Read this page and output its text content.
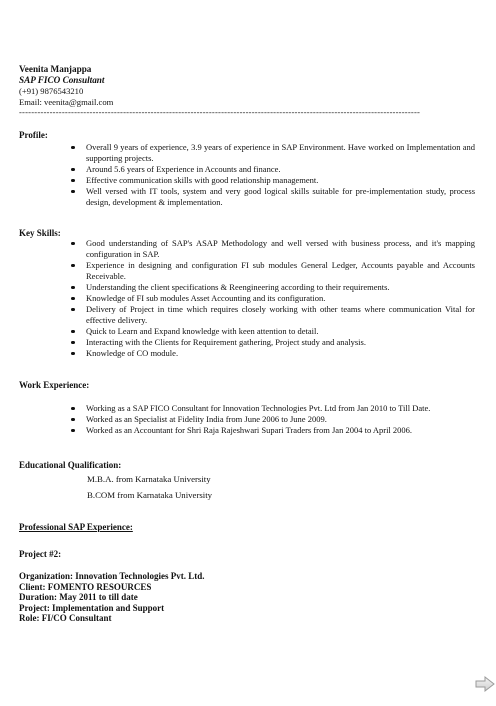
Veenita Manjappa
SAP FICO Consultant
(+91) 9876543210
Email: veenita@gmail.com
-----------------------------------------------------------------------------------------------------------------------------------
Profile:
Overall 9 years of experience, 3.9 years of experience in SAP Environment. Have worked on Implementation and supporting projects.
Around 5.6 years of Experience in Accounts and finance.
Effective communication skills with good relationship management.
Well versed with IT tools, system and very good logical skills suitable for pre-implementation study, process design, development & implementation.
Key Skills:
Good understanding of SAP's ASAP Methodology and well versed with business process, and it's mapping configuration in SAP.
Experience in designing and configuration FI sub modules General Ledger, Accounts payable and Accounts Receivable.
Understanding the client specifications & Reengineering according to their requirements.
Knowledge of FI sub modules Asset Accounting and its configuration.
Delivery of Project in time which requires closely working with other teams where communication Vital for effective delivery.
Quick to Learn and Expand knowledge with keen attention to detail.
Interacting with the Clients for Requirement gathering, Project study and analysis.
Knowledge of CO module.
Work Experience:
Working as a SAP FICO Consultant for Innovation Technologies Pvt. Ltd from Jan 2010 to Till Date.
Worked as an Specialist at Fidelity India from June 2006 to June 2009.
Worked as an Accountant for Shri Raja Rajeshwari Supari Traders from Jan 2004 to April 2006.
Educational Qualification:
M.B.A. from Karnataka University
B.COM from Karnataka University
Professional SAP Experience:
Project #2:
Organization: Innovation Technologies Pvt. Ltd.
Client: FOMENTO RESOURCES
Duration: May 2011 to till date
Project: Implementation and Support
Role: FI/CO Consultant
